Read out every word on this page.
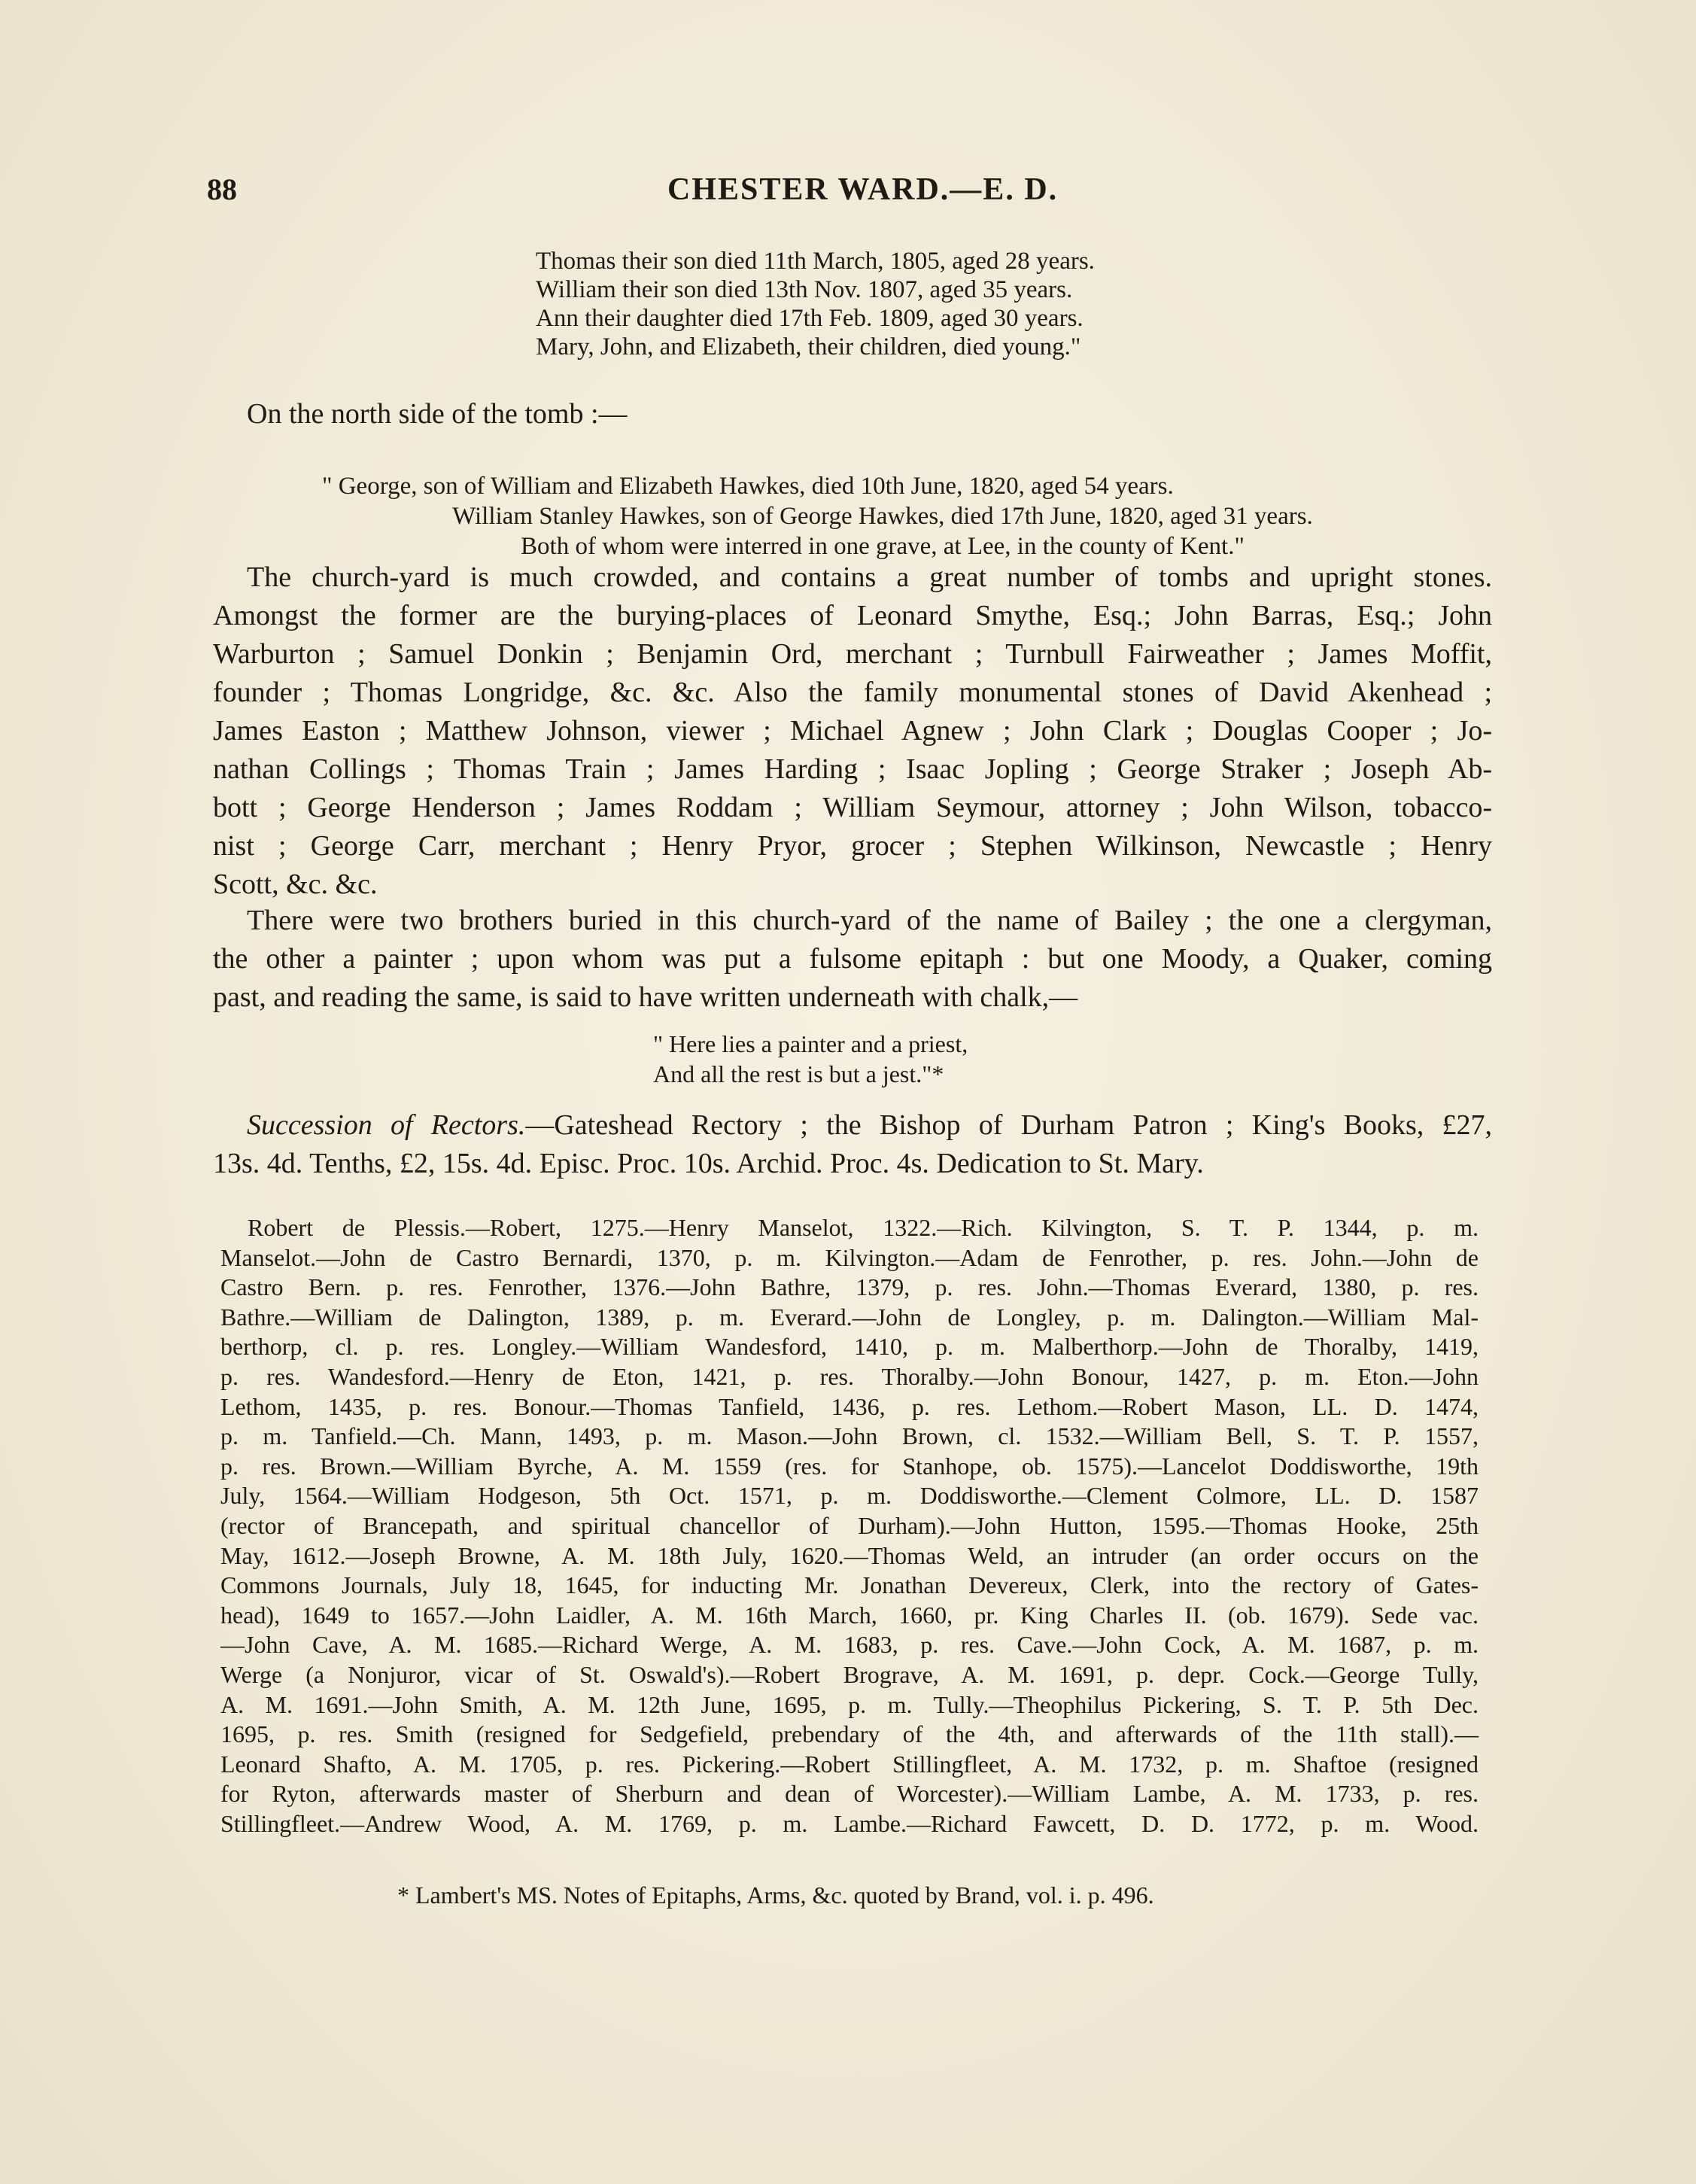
88	CHESTER WARD.—E. D.
Thomas their son died 11th March, 1805, aged 28 years.
William their son died 13th Nov. 1807, aged 35 years.
Ann their daughter died 17th Feb. 1809, aged 30 years.
Mary, John, and Elizabeth, their children, died young."
On the north side of the tomb :—
" George, son of William and Elizabeth Hawkes, died 10th June, 1820, aged 54 years.
William Stanley Hawkes, son of George Hawkes, died 17th June, 1820, aged 31 years.
Both of whom were interred in one grave, at Lee, in the county of Kent."
The church-yard is much crowded, and contains a great number of tombs and upright stones.
Amongst the former are the burying-places of Leonard Smythe, Esq.; John Barras, Esq.; John
Warburton ; Samuel Donkin ; Benjamin Ord, merchant ; Turnbull Fairweather ; James Moffit,
founder ; Thomas Longridge, &c. &c. Also the family monumental stones of David Akenhead ;
James Easton ; Matthew Johnson, viewer ; Michael Agnew ; John Clark ; Douglas Cooper ; Jo-
nathan Collings ; Thomas Train ; James Harding ; Isaac Jopling ; George Straker ; Joseph Ab-
bott ; George Henderson ; James Roddam ; William Seymour, attorney ; John Wilson, tobacco-
nist ; George Carr, merchant ; Henry Pryor, grocer ; Stephen Wilkinson, Newcastle ; Henry
Scott, &c. &c.
There were two brothers buried in this church-yard of the name of Bailey ; the one a clergyman,
the other a painter ; upon whom was put a fulsome epitaph : but one Moody, a Quaker, coming
past, and reading the same, is said to have written underneath with chalk,—
" Here lies a painter and a priest,
And all the rest is but a jest."*
Succession of Rectors.—Gateshead Rectory ; the Bishop of Durham Patron ; King's Books, £27,
13s. 4d. Tenths, £2, 15s. 4d. Episc. Proc. 10s. Archid. Proc. 4s. Dedication to St. Mary.
Robert de Plessis.—Robert, 1275.—Henry Manselot, 1322.—Rich. Kilvington, S. T. P. 1344, p. m.
Manselot.—John de Castro Bernardi, 1370, p. m. Kilvington.—Adam de Fenrother, p. res. John.—John de
Castro Bern. p. res. Fenrother, 1376.—John Bathre, 1379, p. res. John.—Thomas Everard, 1380, p. res.
Bathre.—William de Dalington, 1389, p. m. Everard.—John de Longley, p. m. Dalington.—William Mal-
berthorp, cl. p. res. Longley.—William Wandesford, 1410, p. m. Malberthorp.—John de Thoralby, 1419,
p. res. Wandesford.—Henry de Eton, 1421, p. res. Thoralby.—John Bonour, 1427, p. m. Eton.—John
Lethom, 1435, p. res. Bonour.—Thomas Tanfield, 1436, p. res. Lethom.—Robert Mason, LL. D. 1474,
p. m. Tanfield.—Ch. Mann, 1493, p. m. Mason.—John Brown, cl. 1532.—William Bell, S. T. P. 1557,
p. res. Brown.—William Byrche, A. M. 1559 (res. for Stanhope, ob. 1575).—Lancelot Doddisworthe, 19th
July, 1564.—William Hodgeson, 5th Oct. 1571, p. m. Doddisworthe.—Clement Colmore, LL. D. 1587
(rector of Brancepath, and spiritual chancellor of Durham).—John Hutton, 1595.—Thomas Hooke, 25th
May, 1612.—Joseph Browne, A. M. 18th July, 1620.—Thomas Weld, an intruder (an order occurs on the
Commons Journals, July 18, 1645, for inducting Mr. Jonathan Devereux, Clerk, into the rectory of Gates-
head), 1649 to 1657.—John Laidler, A. M. 16th March, 1660, pr. King Charles II. (ob. 1679). Sede vac.
—John Cave, A. M. 1685.—Richard Werge, A. M. 1683, p. res. Cave.—John Cock, A. M. 1687, p. m.
Werge (a Nonjuror, vicar of St. Oswald's).—Robert Brograve, A. M. 1691, p. depr. Cock.—George Tully,
A. M. 1691.—John Smith, A. M. 12th June, 1695, p. m. Tully.—Theophilus Pickering, S. T. P. 5th Dec.
1695, p. res. Smith (resigned for Sedgefield, prebendary of the 4th, and afterwards of the 11th stall).—
Leonard Shafto, A. M. 1705, p. res. Pickering.—Robert Stillingfleet, A. M. 1732, p. m. Shaftoe (resigned
for Ryton, afterwards master of Sherburn and dean of Worcester).—William Lambe, A. M. 1733, p. res.
Stillingfleet.—Andrew Wood, A. M. 1769, p. m. Lambe.—Richard Fawcett, D. D. 1772, p. m. Wood.
* Lambert's MS. Notes of Epitaphs, Arms, &c. quoted by Brand, vol. i. p. 496.
